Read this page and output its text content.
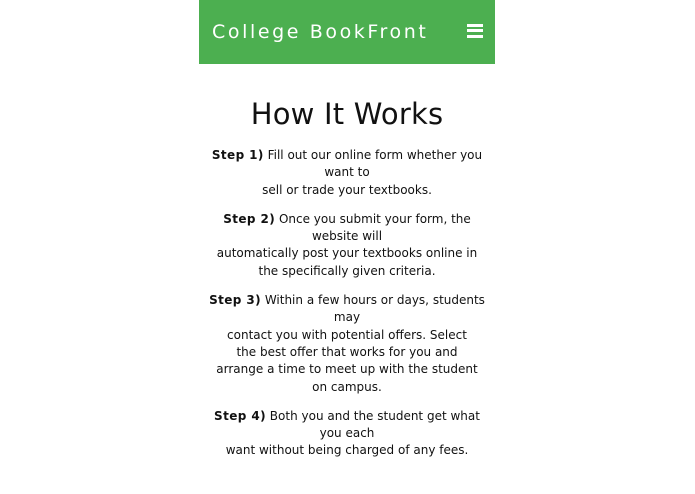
College BookFront
How It Works

Step 1) Fill out our online form whether you
want to
sell or trade your textbooks.

Step 2) Once you submit your form, the
website will
automatically post your textbooks online in
the specifically given criteria.

Step 3) Within a few hours or days, students
may
contact you with potential offers. Select
the best offer that works for you and
arrange a time to meet up with the student
on campus.

Step 4) Both you and the student get what
you each
want without being charged of any fees.
